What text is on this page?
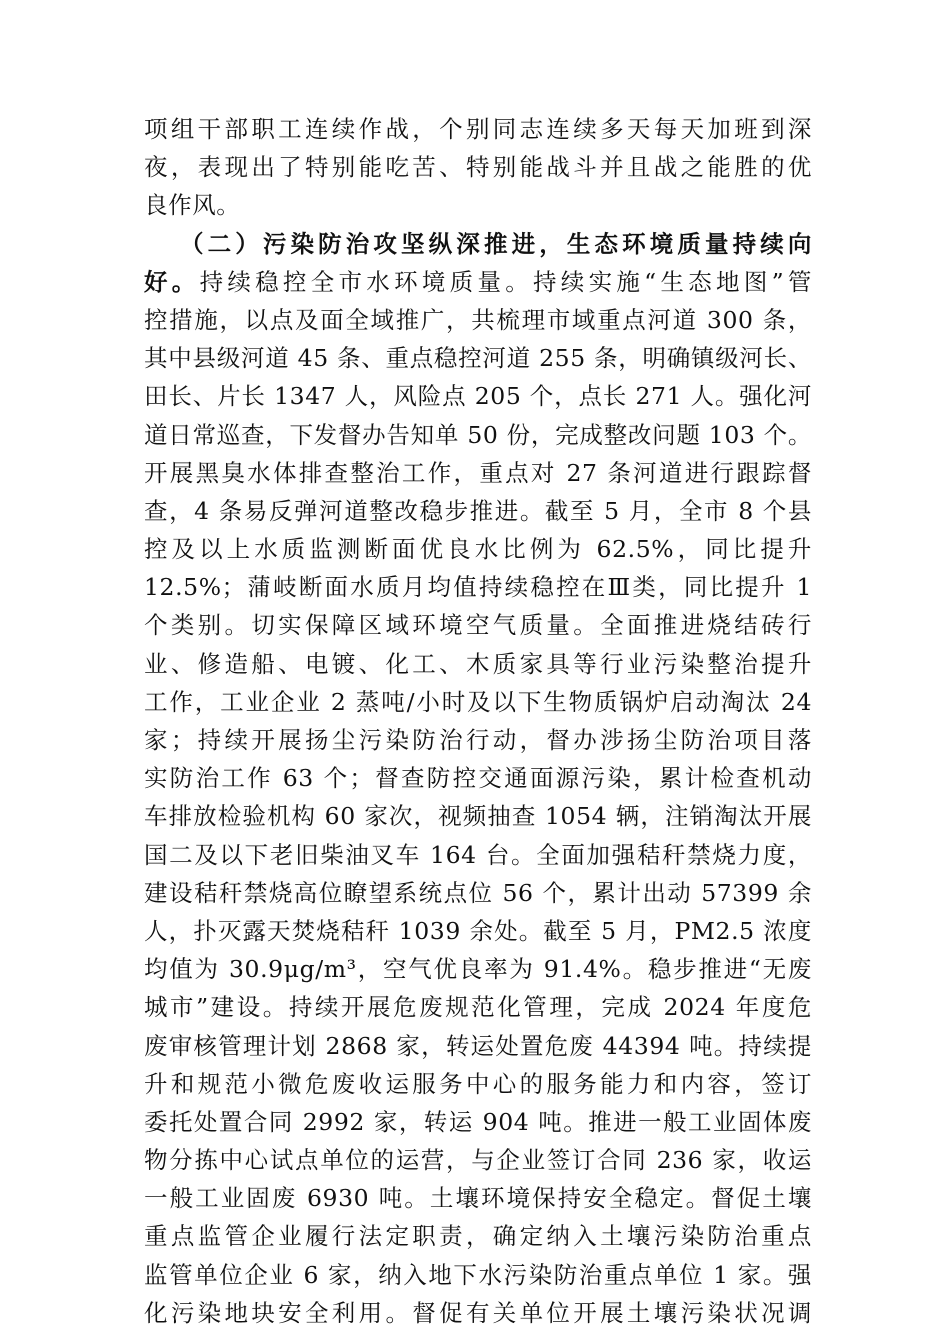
项组干部职工连续作战，个别同志连续多天每天加班到深
夜，表现出了特别能吃苦、特别能战斗并且战之能胜的优
良作风。
（二）污染防治攻坚纵深推进，生态环境质量持续向
好。持续稳控全市水环境质量。持续实施“生态地图”管
控措施，以点及面全域推广，共梳理市域重点河道 300 条，
其中县级河道 45 条、重点稳控河道 255 条，明确镇级河长、
田长、片长 1347 人，风险点 205 个，点长 271 人。强化河
道日常巡查，下发督办告知单 50 份，完成整改问题 103 个。
开展黑臭水体排查整治工作，重点对 27 条河道进行跟踪督
查，4 条易反弹河道整改稳步推进。截至 5 月，全市 8 个县
控及以上水质监测断面优良水比例为 62.5%，同比提升
12.5%；蒲岐断面水质月均值持续稳控在Ⅲ类，同比提升 1
个类别。切实保障区域环境空气质量。全面推进烧结砖行
业、修造船、电镀、化工、木质家具等行业污染整治提升
工作，工业企业 2 蒸吨/小时及以下生物质锅炉启动淘汰 24
家；持续开展扬尘污染防治行动，督办涉扬尘防治项目落
实防治工作 63 个；督查防控交通面源污染，累计检查机动
车排放检验机构 60 家次，视频抽查 1054 辆，注销淘汰开展
国二及以下老旧柴油叉车 164 台。全面加强秸秆禁烧力度，
建设秸秆禁烧高位瞭望系统点位 56 个，累计出动 57399 余
人，扑灭露天焚烧秸秆 1039 余处。截至 5 月，PM2.5 浓度
均值为 30.9μg/m³，空气优良率为 91.4%。稳步推进“无废
城市”建设。持续开展危废规范化管理，完成 2024 年度危
废审核管理计划 2868 家，转运处置危废 44394 吨。持续提
升和规范小微危废收运服务中心的服务能力和内容，签订
委托处置合同 2992 家，转运 904 吨。推进一般工业固体废
物分拣中心试点单位的运营，与企业签订合同 236 家，收运
一般工业固废 6930 吨。土壤环境保持安全稳定。督促土壤
重点监管企业履行法定职责，确定纳入土壤污染防治重点
监管单位企业 6 家，纳入地下水污染防治重点单位 1 家。强
化污染地块安全利用。督促有关单位开展土壤污染状况调
